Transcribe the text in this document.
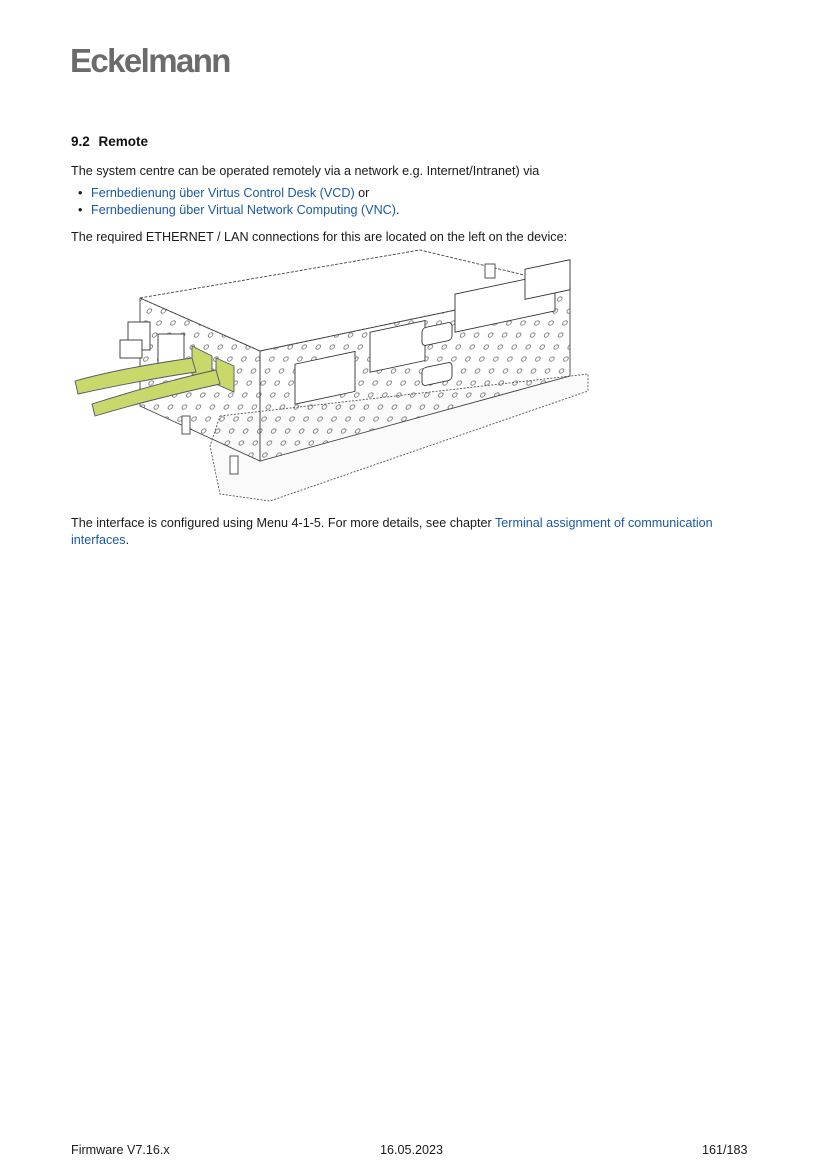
Eckelmann
9.2 Remote
The system centre can be operated remotely via a network e.g. Internet/Intranet) via
• Fernbedienung über Virtus Control Desk (VCD) or
• Fernbedienung über Virtual Network Computing (VNC).
The required ETHERNET / LAN connections for this are located on the left on the device:
The interface is configured using Menu 4-1-5. For more details, see chapter Terminal assignment of communication interfaces.
Firmware V7.16.x	16.05.2023	161/183
